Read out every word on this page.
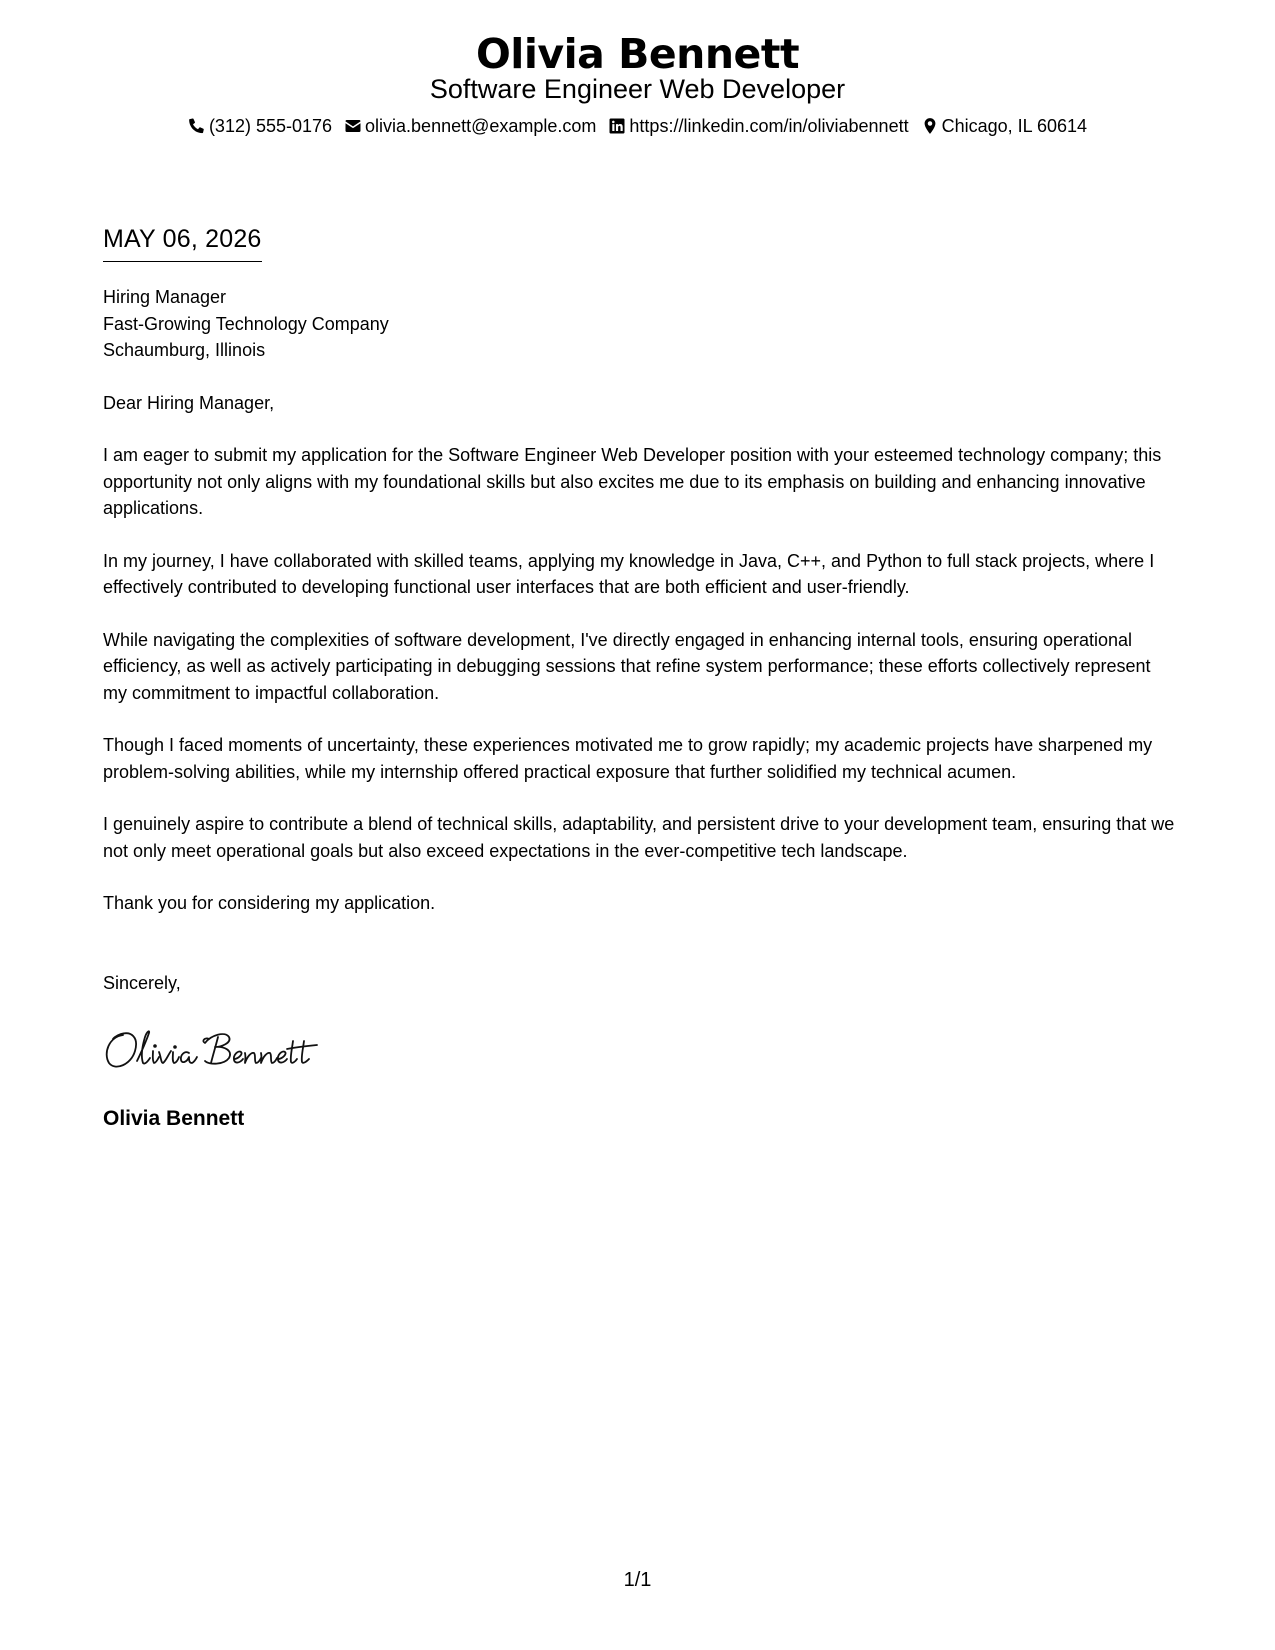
Olivia Bennett
Software Engineer Web Developer
(312) 555-0176 olivia.bennett@example.com https://linkedin.com/in/oliviabennett Chicago, IL 60614
MAY 06, 2026

Hiring Manager
Fast-Growing Technology Company
Schaumburg, Illinois

Dear Hiring Manager,

I am eager to submit my application for the Software Engineer Web Developer position with your esteemed technology company; this opportunity not only aligns with my foundational skills but also excites me due to its emphasis on building and enhancing innovative applications.

In my journey, I have collaborated with skilled teams, applying my knowledge in Java, C++, and Python to full stack projects, where I effectively contributed to developing functional user interfaces that are both efficient and user-friendly.

While navigating the complexities of software development, I've directly engaged in enhancing internal tools, ensuring operational efficiency, as well as actively participating in debugging sessions that refine system performance; these efforts collectively represent my commitment to impactful collaboration.

Though I faced moments of uncertainty, these experiences motivated me to grow rapidly; my academic projects have sharpened my problem-solving abilities, while my internship offered practical exposure that further solidified my technical acumen.

I genuinely aspire to contribute a blend of technical skills, adaptability, and persistent drive to your development team, ensuring that we not only meet operational goals but also exceed expectations in the ever-competitive tech landscape.

Thank you for considering my application.

Sincerely,
Olivia Bennett
1/1
